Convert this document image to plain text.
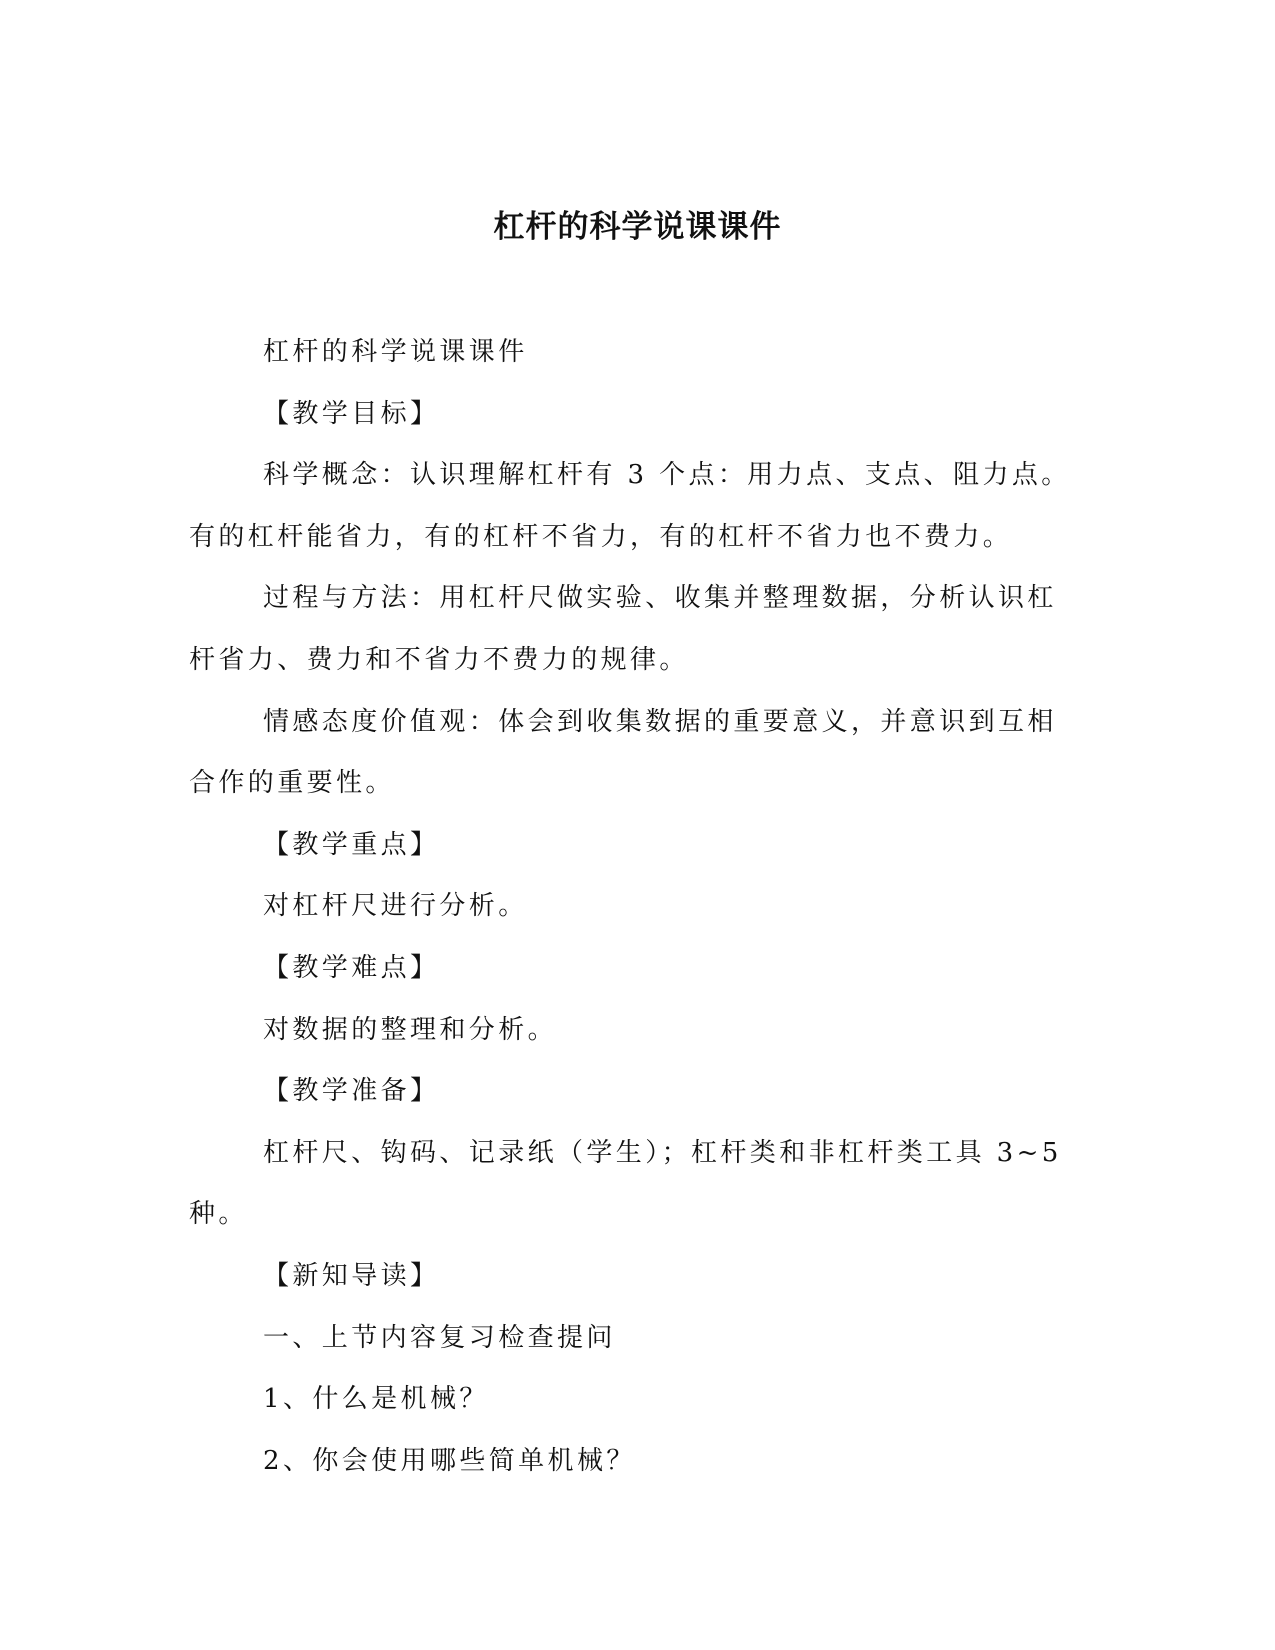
杠杆的科学说课课件

杠杆的科学说课课件

【教学目标】

科学概念：认识理解杠杆有 3 个点：用力点、支点、阻力点。有的杠杆能省力，有的杠杆不省力，有的杠杆不省力也不费力。

过程与方法：用杠杆尺做实验、收集并整理数据，分析认识杠杆省力、费力和不省力不费力的规律。

情感态度价值观：体会到收集数据的重要意义，并意识到互相合作的重要性。

【教学重点】

对杠杆尺进行分析。

【教学难点】

对数据的整理和分析。

【教学准备】

杠杆尺、钩码、记录纸（学生）；杠杆类和非杠杆类工具 3~5 种。

【新知导读】

一、上节内容复习检查提问

1、什么是机械？

2、你会使用哪些简单机械？
